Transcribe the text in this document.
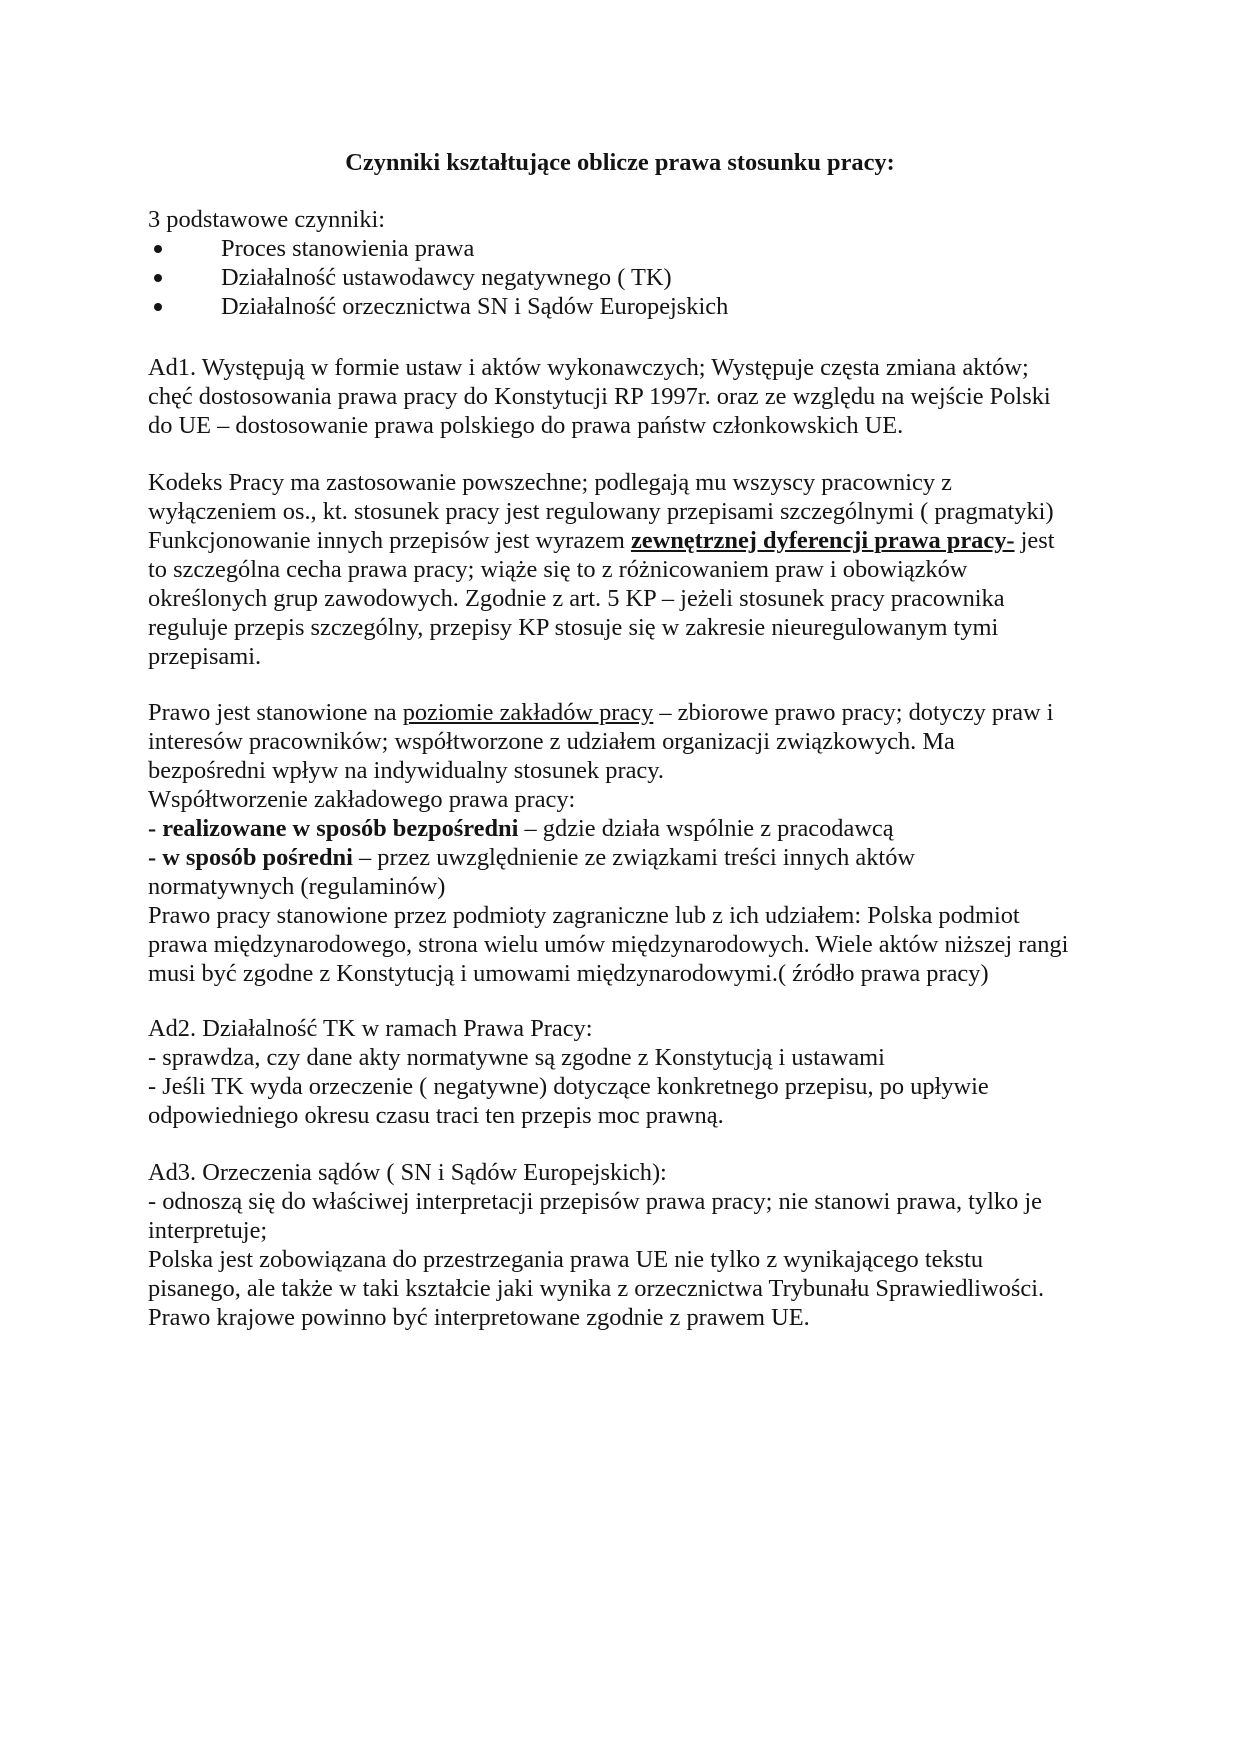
Czynniki kształtujące oblicze prawa stosunku pracy:
3 podstawowe czynniki:
Proces stanowienia prawa
Działalność ustawodawcy negatywnego ( TK)
Działalność orzecznictwa SN i Sądów Europejskich
Ad1. Występują w formie ustaw i aktów wykonawczych; Występuje częsta zmiana aktów;
chęć dostosowania prawa pracy do Konstytucji RP 1997r. oraz ze względu na wejście Polski
do UE – dostosowanie prawa polskiego do prawa państw członkowskich UE.
Kodeks Pracy ma zastosowanie powszechne; podlegają mu wszyscy pracownicy z
wyłączeniem os., kt. stosunek pracy jest regulowany przepisami szczególnymi ( pragmatyki)
Funkcjonowanie innych przepisów jest wyrazem zewnętrznej dyferencji prawa pracy- jest
to szczególna cecha prawa pracy; wiąże się to z różnicowaniem praw i obowiązków
określonych grup zawodowych. Zgodnie z art. 5 KP – jeżeli stosunek pracy pracownika
reguluje przepis szczególny, przepisy KP stosuje się w zakresie nieuregulowanym tymi
przepisami.
Prawo jest stanowione na poziomie zakładów pracy – zbiorowe prawo pracy; dotyczy praw i
interesów pracowników; współtworzone z udziałem organizacji związkowych. Ma
bezpośredni wpływ na indywidualny stosunek pracy.
Współtworzenie zakładowego prawa pracy:
- realizowane w sposób bezpośredni – gdzie działa wspólnie z pracodawcą
- w sposób pośredni – przez uwzględnienie ze związkami treści innych aktów
normatywnych (regulaminów)
Prawo pracy stanowione przez podmioty zagraniczne lub z ich udziałem: Polska podmiot
prawa międzynarodowego, strona wielu umów międzynarodowych. Wiele aktów niższej rangi
musi być zgodne z Konstytucją i umowami międzynarodowymi.( źródło prawa pracy)
Ad2. Działalność TK w ramach Prawa Pracy:
- sprawdza, czy dane akty normatywne są zgodne z Konstytucją i ustawami
- Jeśli TK wyda orzeczenie ( negatywne) dotyczące konkretnego przepisu, po upływie
odpowiedniego okresu czasu traci ten przepis moc prawną.
Ad3. Orzeczenia sądów ( SN i Sądów Europejskich):
- odnoszą się do właściwej interpretacji przepisów prawa pracy; nie stanowi prawa, tylko je
interpretuje;
Polska jest zobowiązana do przestrzegania prawa UE nie tylko z wynikającego tekstu
pisanego, ale także w taki kształcie jaki wynika z orzecznictwa Trybunału Sprawiedliwości.
Prawo krajowe powinno być interpretowane zgodnie z prawem UE.
